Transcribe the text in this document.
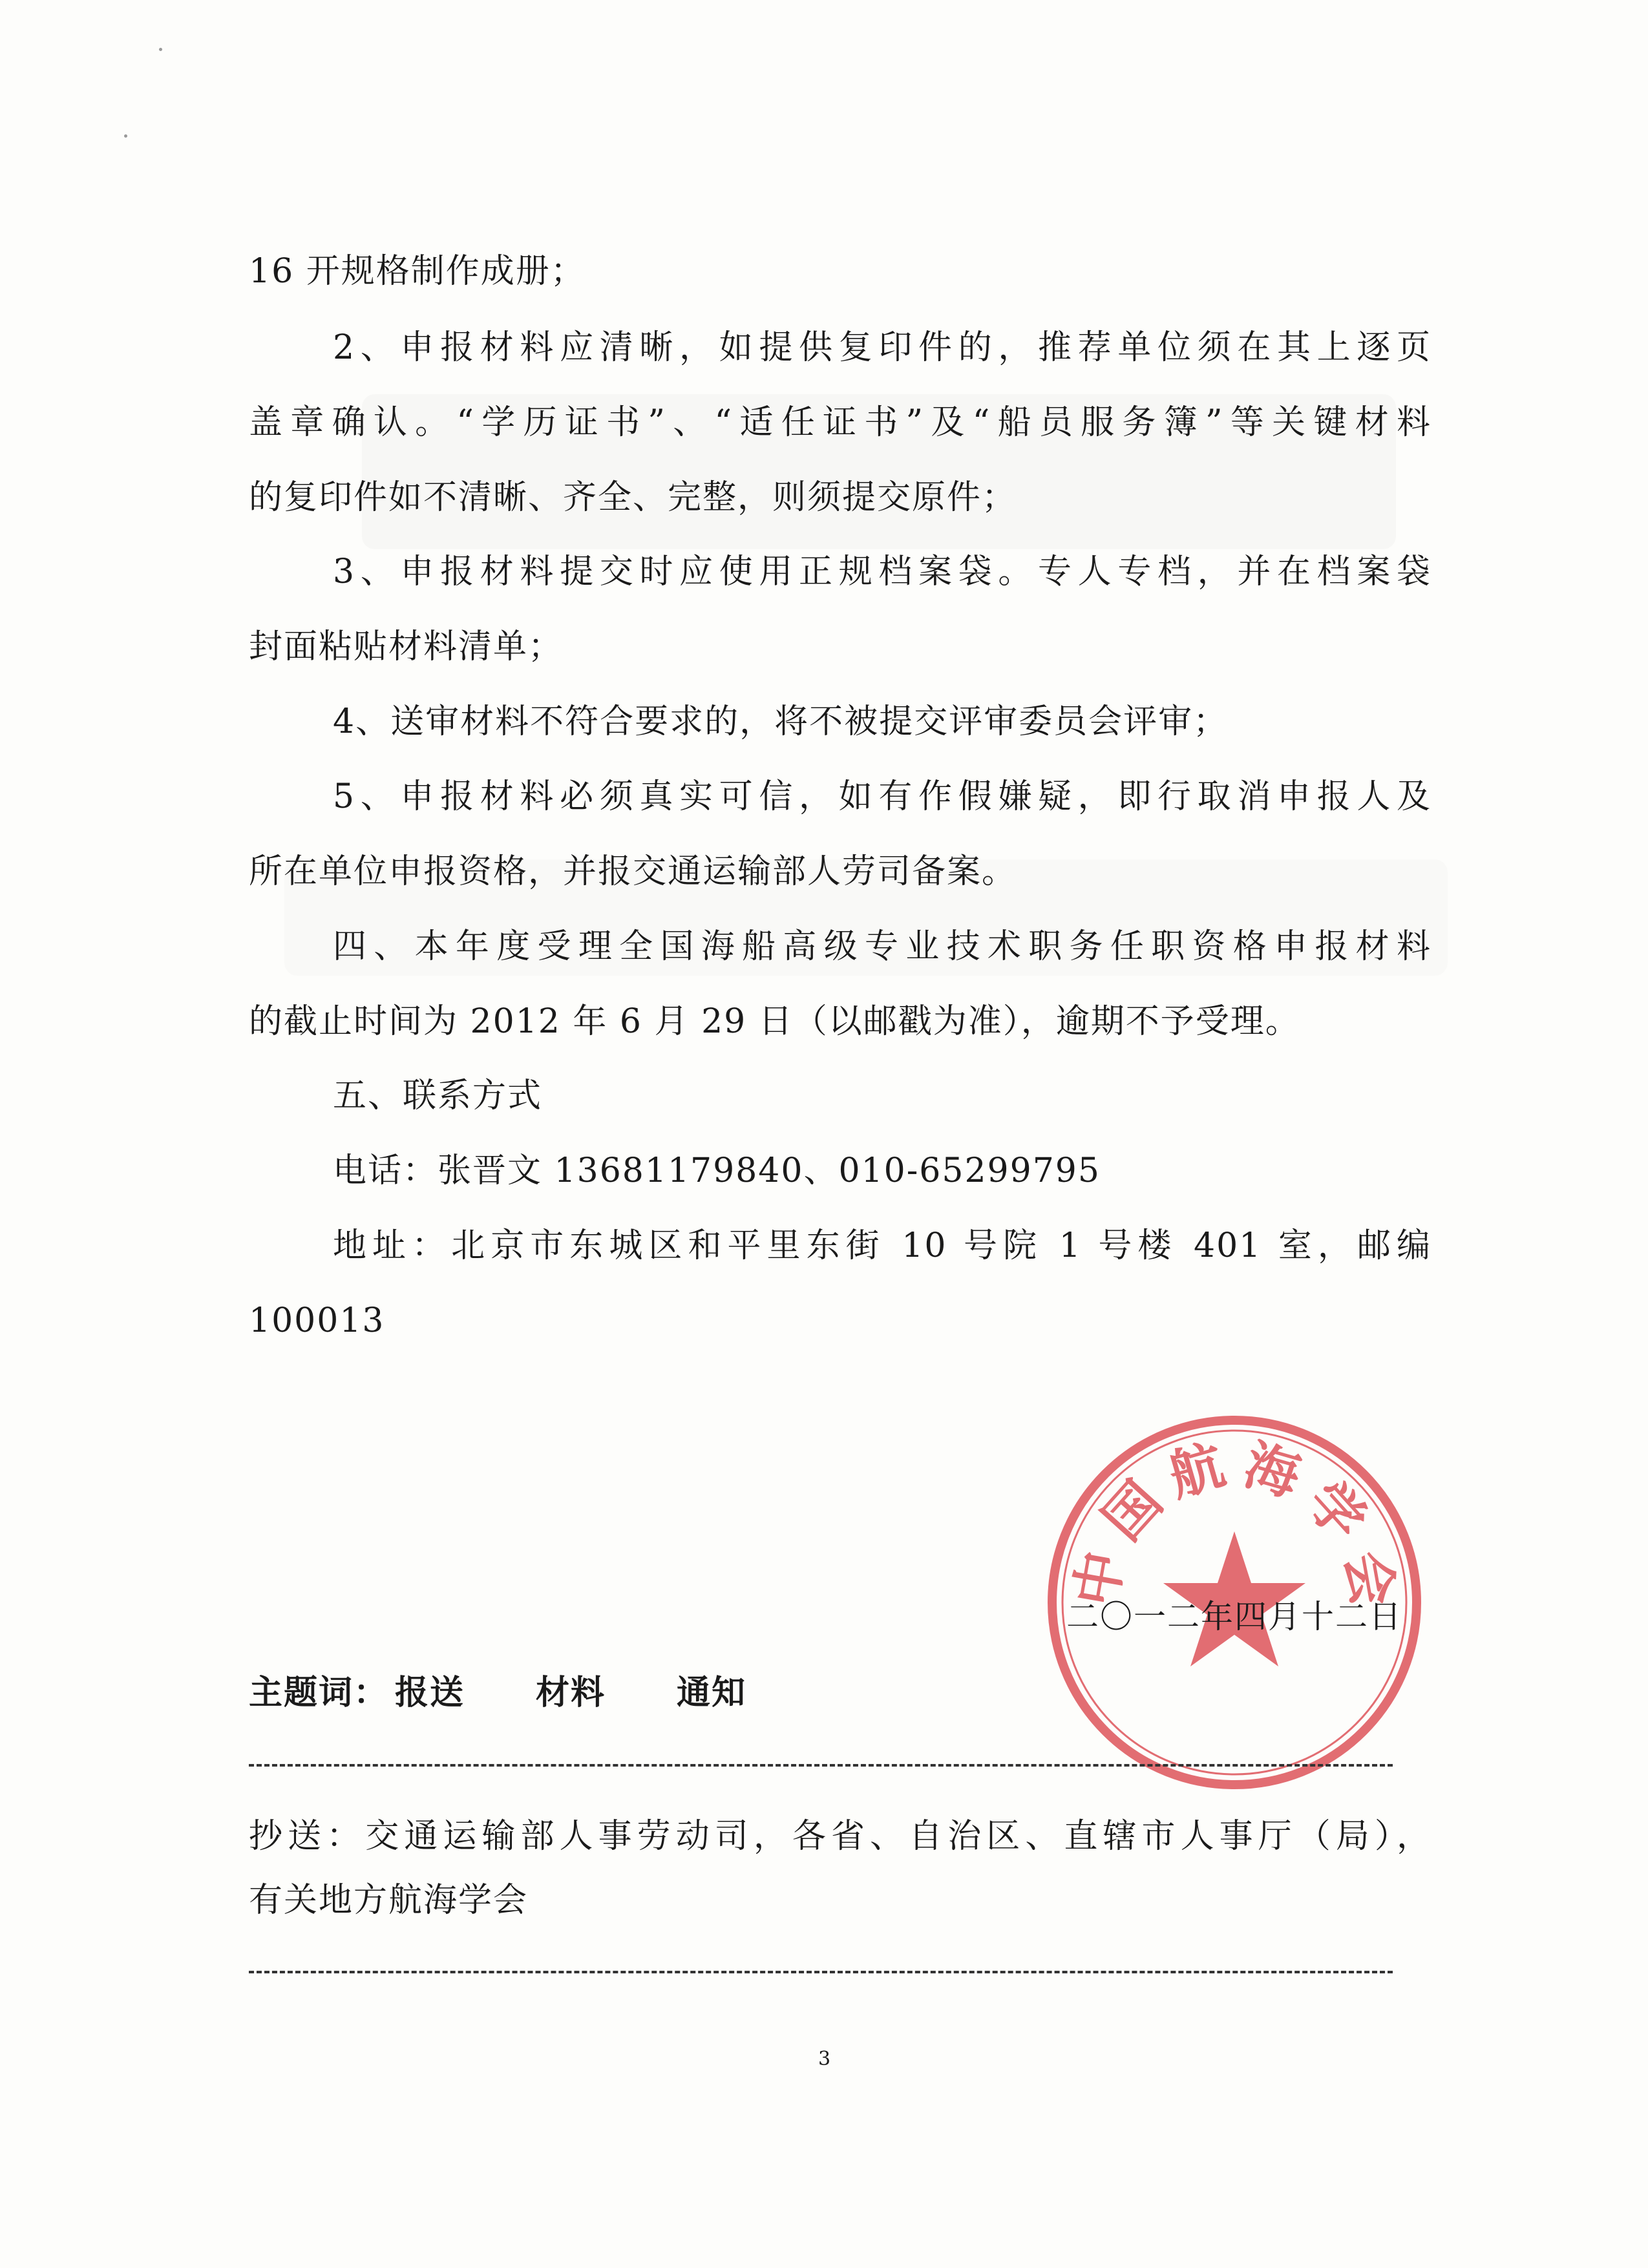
16 开规格制作成册；
2、申报材料应清晰，如提供复印件的，推荐单位须在其上逐页
盖章确认。“学历证书”、“适任证书”及“船员服务簿”等关键材料
的复印件如不清晰、齐全、完整，则须提交原件；
3、申报材料提交时应使用正规档案袋。专人专档，并在档案袋
封面粘贴材料清单；
4、送审材料不符合要求的，将不被提交评审委员会评审；
5、申报材料必须真实可信，如有作假嫌疑，即行取消申报人及
所在单位申报资格，并报交通运输部人劳司备案。
四、本年度受理全国海船高级专业技术职务任职资格申报材料
的截止时间为 2012 年 6 月 29 日（以邮戳为准），逾期不予受理。
五、联系方式
电话：张晋文 13681179840、010-65299795
地址：北京市东城区和平里东街 10 号院 1 号楼 401 室，邮编
100013
中
国
航 海
学
会
二〇一二年四月十二日
主题词： 报送 材料 通知
抄送：交通运输部人事劳动司，各省、自治区、直辖市人事厅（局），
有关地方航海学会
3
